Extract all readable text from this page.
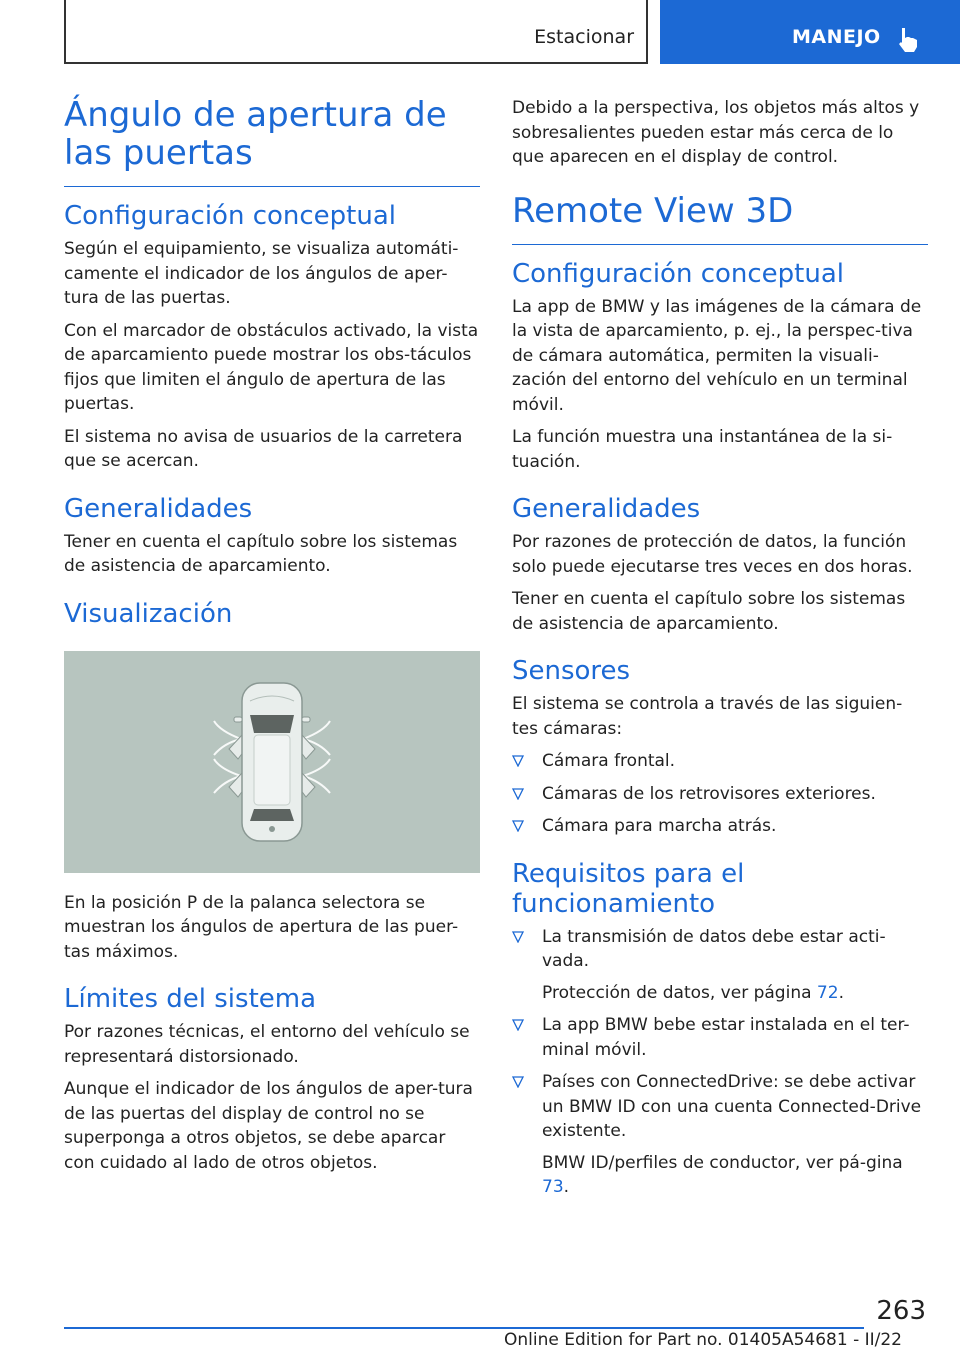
Estacionar	MANEJO
Ángulo de apertura de las puertas
Configuración conceptual

Según el equipamiento, se visualiza automáti-camente el indicador de los ángulos de aper-tura de las puertas.

Con el marcador de obstáculos activado, la vista de aparcamiento puede mostrar los obs-táculos fijos que limiten el ángulo de apertura de las puertas.

El sistema no avisa de usuarios de la carretera que se acercan.

Generalidades

Tener en cuenta el capítulo sobre los sistemas de asistencia de aparcamiento.

Visualización

En la posición P de la palanca selectora se muestran los ángulos de apertura de las puer-tas máximos.

Límites del sistema

Por razones técnicas, el entorno del vehículo se representará distorsionado.

Aunque el indicador de los ángulos de aper-tura de las puertas del display de control no se superponga a otros objetos, se debe aparcar con cuidado al lado de otros objetos.

Debido a la perspectiva, los objetos más altos y sobresalientes pueden estar más cerca de lo que aparecen en el display de control.

Remote View 3D
Configuración conceptual

La app de BMW y las imágenes de la cámara de la vista de aparcamiento, p. ej., la perspec-tiva de cámara automática, permiten la visuali-zación del entorno del vehículo en un terminal móvil.

La función muestra una instantánea de la si-tuación.

Generalidades

Por razones de protección de datos, la función solo puede ejecutarse tres veces en dos horas.

Tener en cuenta el capítulo sobre los sistemas de asistencia de aparcamiento.

Sensores

El sistema se controla a través de las siguien-tes cámaras:

Cámara frontal.
Cámaras de los retrovisores exteriores.
Cámara para marcha atrás.
Requisitos para el funcionamiento
La transmisión de datos debe estar acti-vada.
Protección de datos, ver página 72.
La app BMW bebe estar instalada en el ter-minal móvil.
Países con ConnectedDrive: se debe activar un BMW ID con una cuenta Connected-Drive existente.
BMW ID/perfiles de conductor, ver pá-gina 73.
263
Online Edition for Part no. 01405A54681 - II/22
